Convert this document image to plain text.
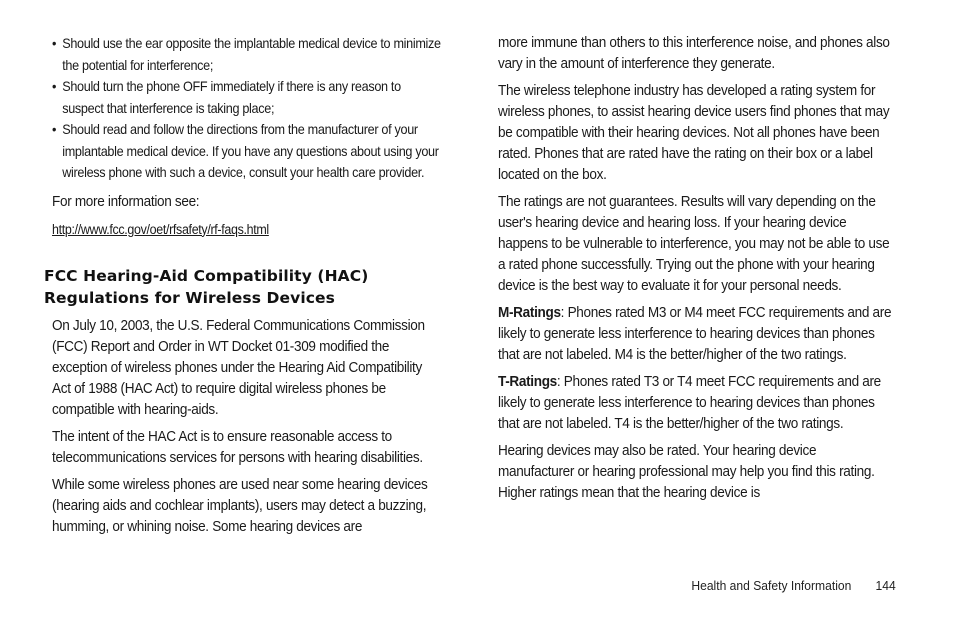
• Should use the ear opposite the implantable medical device to minimize the potential for interference;
• Should turn the phone OFF immediately if there is any reason to suspect that interference is taking place;
• Should read and follow the directions from the manufacturer of your implantable medical device. If you have any questions about using your wireless phone with such a device, consult your health care provider.

For more information see:

http://www.fcc.gov/oet/rfsafety/rf-faqs.html

FCC Hearing-Aid Compatibility (HAC)
Regulations for Wireless Devices

On July 10, 2003, the U.S. Federal Communications Commission (FCC) Report and Order in WT Docket 01-309 modified the exception of wireless phones under the Hearing Aid Compatibility Act of 1988 (HAC Act) to require digital wireless phones be compatible with hearing-aids.

The intent of the HAC Act is to ensure reasonable access to telecommunications services for persons with hearing disabilities.

While some wireless phones are used near some hearing devices (hearing aids and cochlear implants), users may detect a buzzing, humming, or whining noise. Some hearing devices are

more immune than others to this interference noise, and phones also vary in the amount of interference they generate.

The wireless telephone industry has developed a rating system for wireless phones, to assist hearing device users find phones that may be compatible with their hearing devices. Not all phones have been rated. Phones that are rated have the rating on their box or a label located on the box.

The ratings are not guarantees. Results will vary depending on the user's hearing device and hearing loss. If your hearing device happens to be vulnerable to interference, you may not be able to use a rated phone successfully. Trying out the phone with your hearing device is the best way to evaluate it for your personal needs.

M-Ratings: Phones rated M3 or M4 meet FCC requirements and are likely to generate less interference to hearing devices than phones that are not labeled. M4 is the better/higher of the two ratings.

T-Ratings: Phones rated T3 or T4 meet FCC requirements and are likely to generate less interference to hearing devices than phones that are not labeled. T4 is the better/higher of the two ratings.

Hearing devices may also be rated. Your hearing device manufacturer or hearing professional may help you find this rating. Higher ratings mean that the hearing device is

Health and Safety Information 144
